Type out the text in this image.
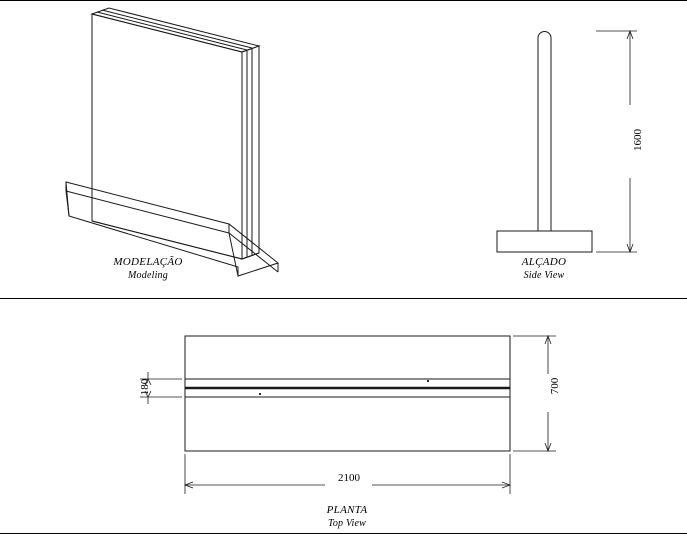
MODELAÇÃO
Modeling
ALÇADO
Side View
PLANTA
Top View
1600
180	700
2100
